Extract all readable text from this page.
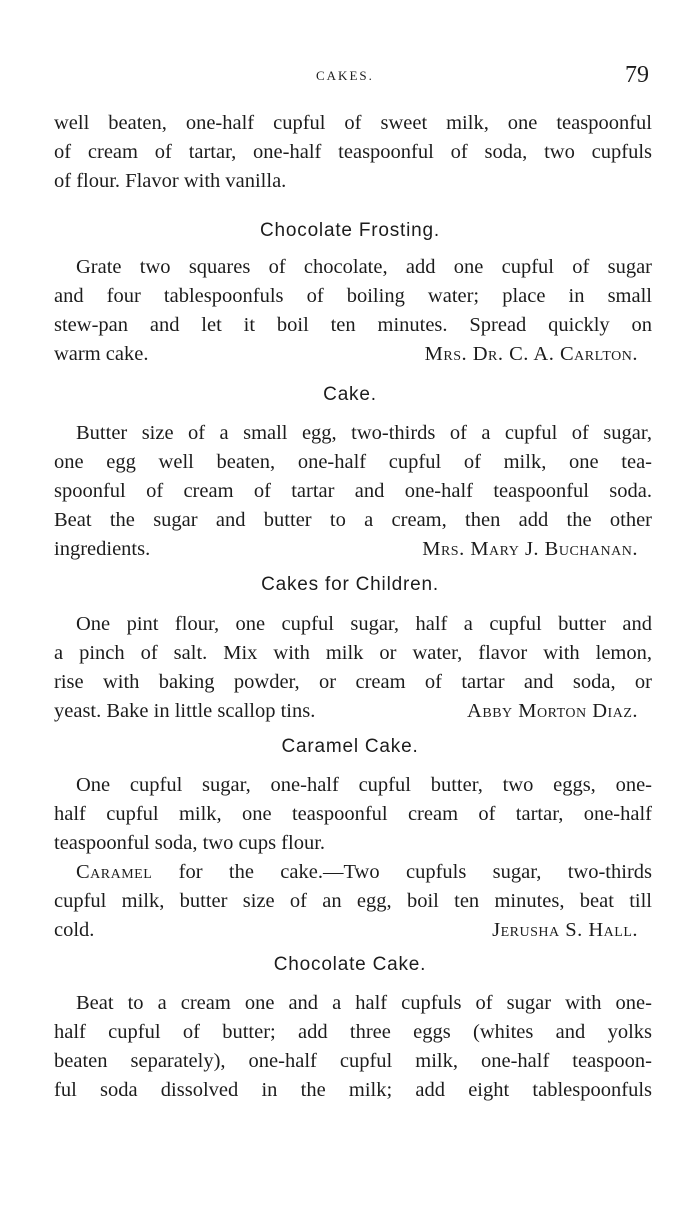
CAKES.	79
well beaten, one-half cupful of sweet milk, one teaspoonful
of cream of tartar, one-half teaspoonful of soda, two cupfuls
of flour. Flavor with vanilla.
Chocolate Frosting.
Grate two squares of chocolate, add one cupful of sugar
and four tablespoonfuls of boiling water; place in small
stew-pan and let it boil ten minutes. Spread quickly on
warm cake.	Mrs. Dr. C. A. Carlton.
Cake.
Butter size of a small egg, two-thirds of a cupful of sugar,
one egg well beaten, one-half cupful of milk, one tea-
spoonful of cream of tartar and one-half teaspoonful soda.
Beat the sugar and butter to a cream, then add the other
ingredients.	Mrs. Mary J. Buchanan.
Cakes for Children.
One pint flour, one cupful sugar, half a cupful butter and
a pinch of salt. Mix with milk or water, flavor with lemon,
rise with baking powder, or cream of tartar and soda, or
yeast. Bake in little scallop tins.	Abby Morton Diaz.
Caramel Cake.
One cupful sugar, one-half cupful butter, two eggs, one-
half cupful milk, one teaspoonful cream of tartar, one-half
teaspoonful soda, two cups flour.
Caramel for the cake.—Two cupfuls sugar, two-thirds
cupful milk, butter size of an egg, boil ten minutes, beat till
cold.	Jerusha S. Hall.
Chocolate Cake.
Beat to a cream one and a half cupfuls of sugar with one-
half cupful of butter; add three eggs (whites and yolks
beaten separately), one-half cupful milk, one-half teaspoon-
ful soda dissolved in the milk; add eight tablespoonfuls
